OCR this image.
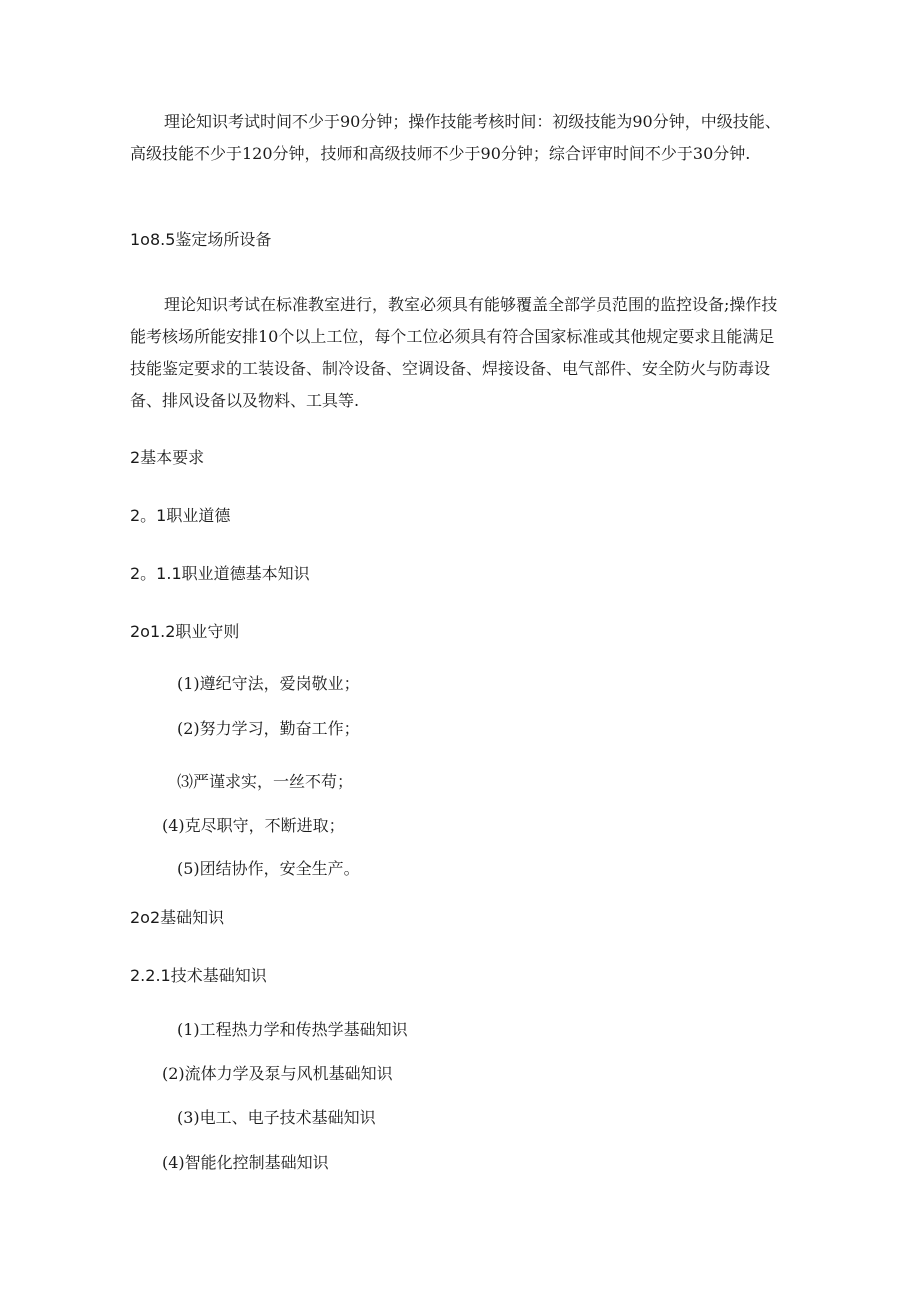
理论知识考试时间不少于90分钟；操作技能考核时间：初级技能为90分钟，中级技能、高级技能不少于120分钟，技师和高级技师不少于90分钟；综合评审时间不少于30分钟.

1o8.5鉴定场所设备

理论知识考试在标准教室进行，教室必须具有能够覆盖全部学员范围的监控设备;操作技能考核场所能安排10个以上工位，每个工位必须具有符合国家标准或其他规定要求且能满足技能鉴定要求的工装设备、制冷设备、空调设备、焊接设备、电气部件、安全防火与防毒设备、排风设备以及物料、工具等.

2基本要求

2。1职业道德

2。1.1职业道德基本知识

2o1.2职业守则

(1)遵纪守法，爱岗敬业；

(2)努力学习，勤奋工作；

⑶严谨求实，一丝不苟；

(4)克尽职守，不断进取；

(5)团结协作，安全生产。

2o2基础知识

2.2.1技术基础知识

(1)工程热力学和传热学基础知识

(2)流体力学及泵与风机基础知识

(3)电工、电子技术基础知识

(4)智能化控制基础知识
